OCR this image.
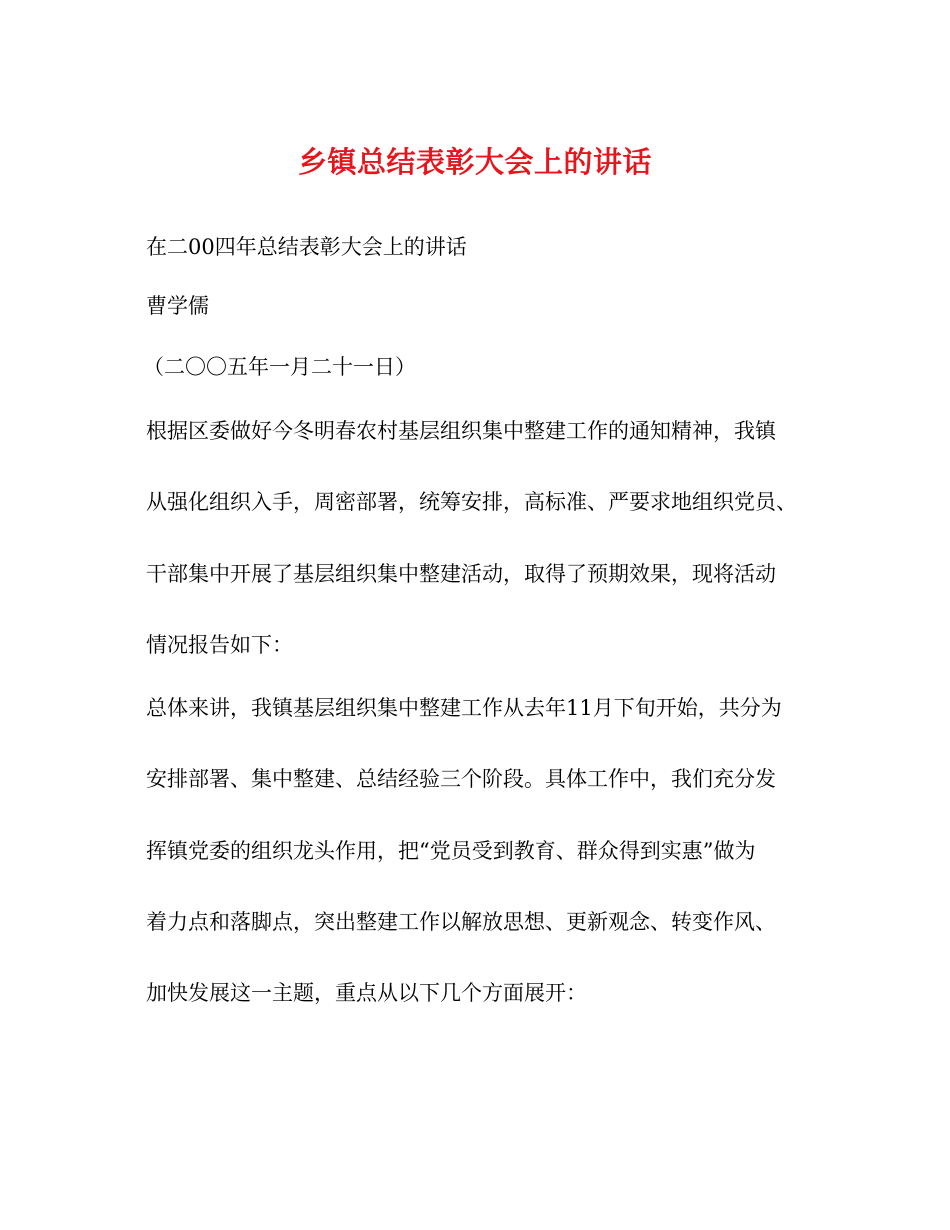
乡镇总结表彰大会上的讲话
在二00四年总结表彰大会上的讲话
曹学儒
（二〇〇五年一月二十一日）
根据区委做好今冬明春农村基层组织集中整建工作的通知精神，我镇
从强化组织入手，周密部署，统筹安排，高标准、严要求地组织党员、
干部集中开展了基层组织集中整建活动，取得了预期效果，现将活动
情况报告如下：
总体来讲，我镇基层组织集中整建工作从去年11月下旬开始，共分为
安排部署、集中整建、总结经验三个阶段。具体工作中，我们充分发
挥镇党委的组织龙头作用，把“党员受到教育、群众得到实惠”做为
着力点和落脚点，突出整建工作以解放思想、更新观念、转变作风、
加快发展这一主题，重点从以下几个方面展开：
